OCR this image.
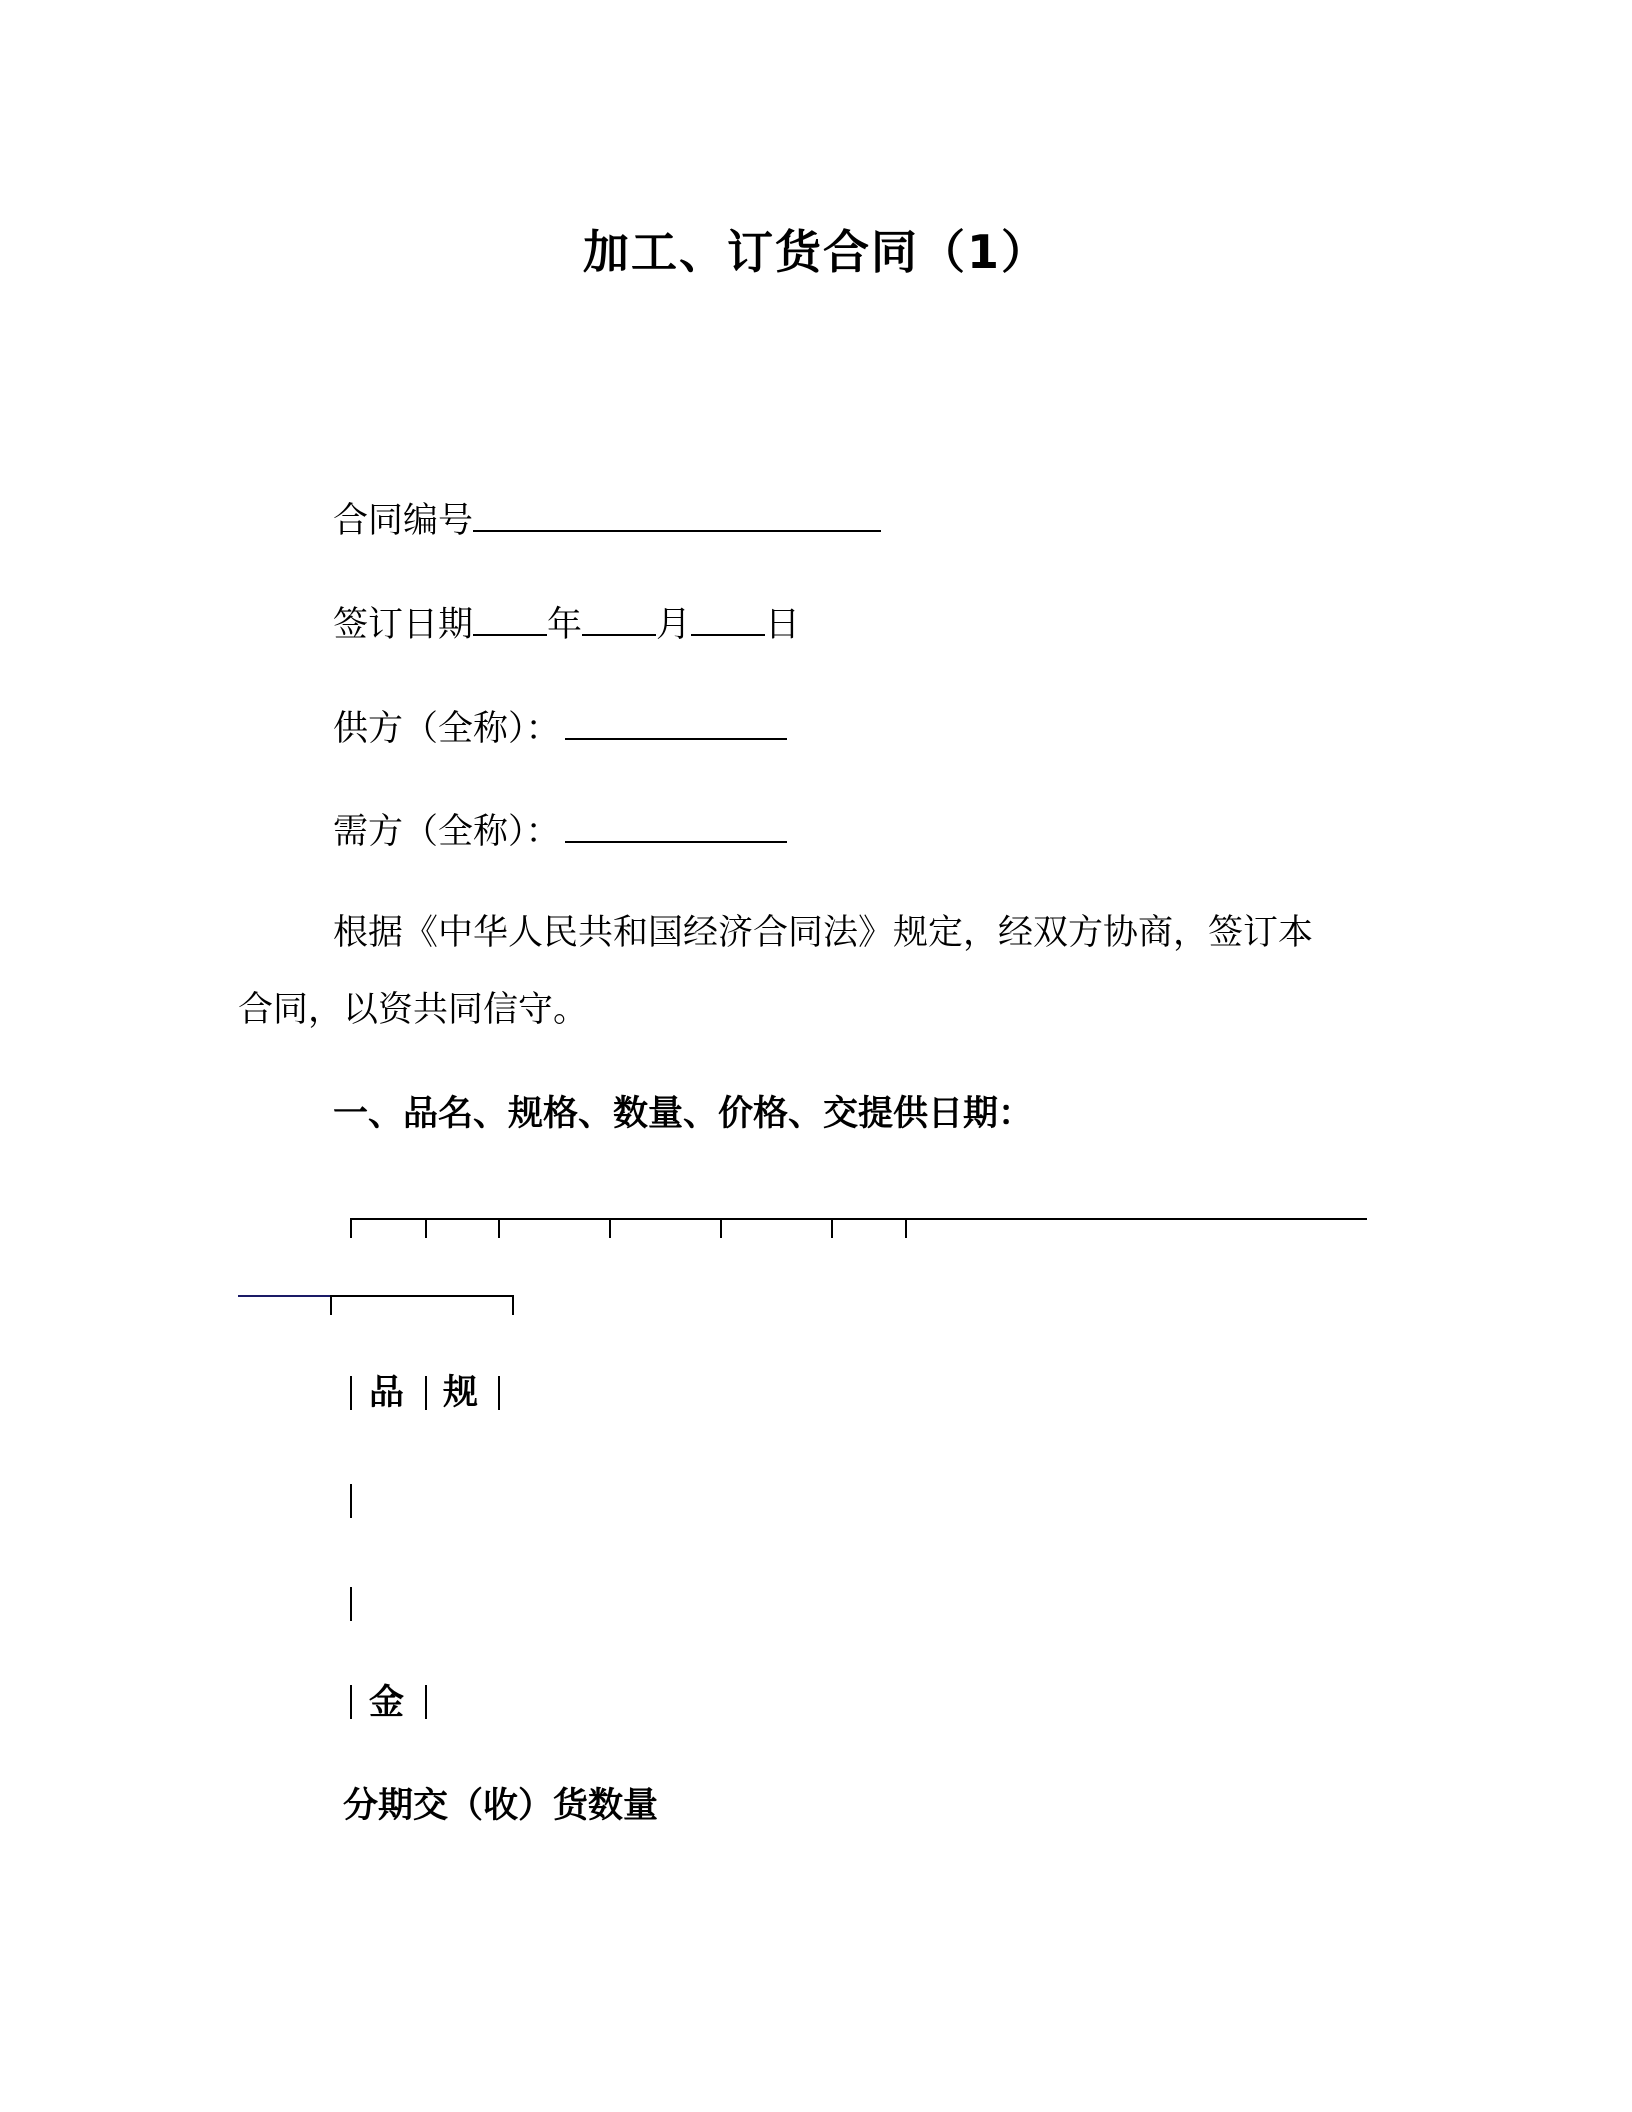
加工、订货合同（1）
合同编号
签订日期 年 月 日
供方（全称）：
需方（全称）：
根据《中华人民共和国经济合同法》规定，经双方协商，签订本
合同，以资共同信守。
一、品名、规格、数量、价格、交提供日期：
品 规
金
分期交（收）货数量
